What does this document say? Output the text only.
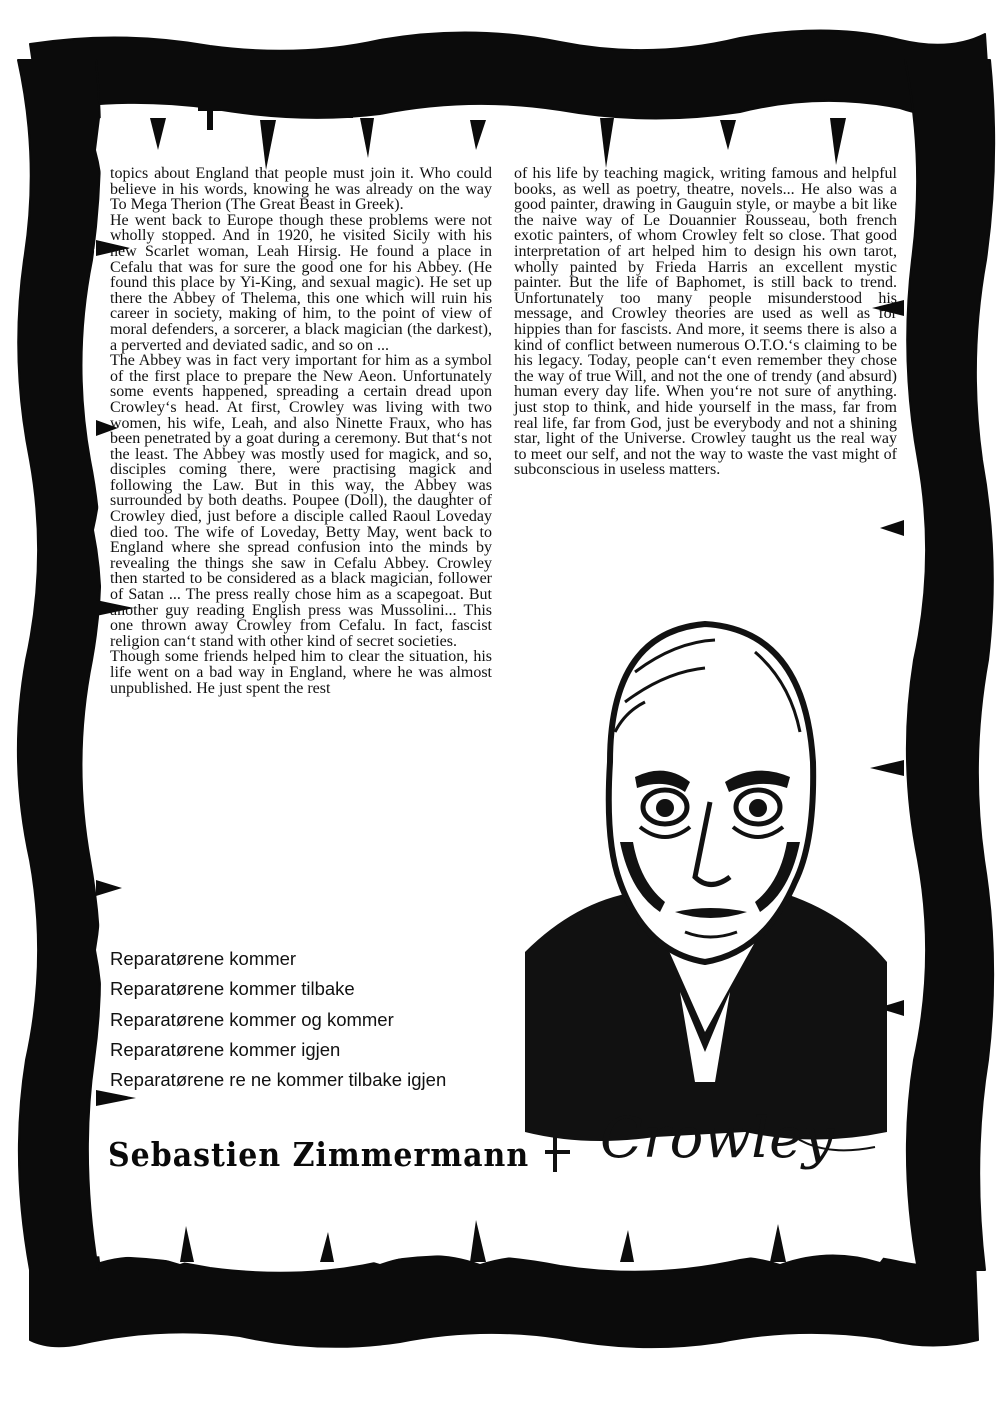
topics about England that people must join it. Who could believe in his words, knowing he was already on the way To Mega Therion (The Great Beast in Greek).

He went back to Europe though these problems were not wholly stopped. And in 1920, he visited Sicily with his new Scarlet woman, Leah Hirsig. He found a place in Cefalu that was for sure the good one for his Abbey. (He found this place by Yi-King, and sexual magic). He set up there the Abbey of Thelema, this one which will ruin his career in society, making of him, to the point of view of moral defenders, a sorcerer, a black magician (the darkest), a perverted and deviated sadic, and so on ...

The Abbey was in fact very important for him as a symbol of the first place to prepare the New Aeon. Unfortunately some events happened, spreading a certain dread upon Crowley‘s head. At first, Crowley was living with two women, his wife, Leah, and also Ninette Fraux, who has been penetrated by a goat during a ceremony. But that‘s not the least. The Abbey was mostly used for magick, and so, disciples coming there, were practising magick and following the Law. But in this way, the Abbey was surrounded by both deaths. Poupee (Doll), the daughter of Crowley died, just before a disciple called Raoul Loveday died too. The wife of Loveday, Betty May, went back to England where she spread confusion into the minds by revealing the things she saw in Cefalu Abbey. Crowley then started to be considered as a black magician, follower of Satan ... The press really chose him as a scapegoat. But another guy reading English press was Mussolini... This one thrown away Crowley from Cefalu. In fact, fascist religion can‘t stand with other kind of secret societies.

Though some friends helped him to clear the situation, his life went on a bad way in England, where he was almost unpublished. He just spent the rest

of his life by teaching magick, writing famous and helpful books, as well as poetry, theatre, novels... He also was a good painter, drawing in Gauguin style, or maybe a bit like the naive way of Le Douannier Rousseau, both french exotic painters, of whom Crowley felt so close. That good interpretation of art helped him to design his own tarot, wholly painted by Frieda Harris an excellent mystic painter. But the life of Baphomet, is still back to trend. Unfortunately too many people misunderstood his message, and Crowley theories are used as well as for hippies than for fascists. And more, it seems there is also a kind of conflict between numerous O.T.O.‘s claiming to be his legacy. Today, people can‘t even remember they chose the way of true Will, and not the one of trendy (and absurd) human every day life. When you‘re not sure of anything. just stop to think, and hide yourself in the mass, far from real life, far from God, just be everybody and not a shining star, light of the Universe. Crowley taught us the real way to meet our self, and not the way to waste the vast might of subconscious in useless matters.

Reparatørene kommer
Reparatørene kommer tilbake
Reparatørene kommer og kommer
Reparatørene kommer igjen
Reparatørene re ne kommer tilbake igjen
Sebastien Zimmermann Crowley
